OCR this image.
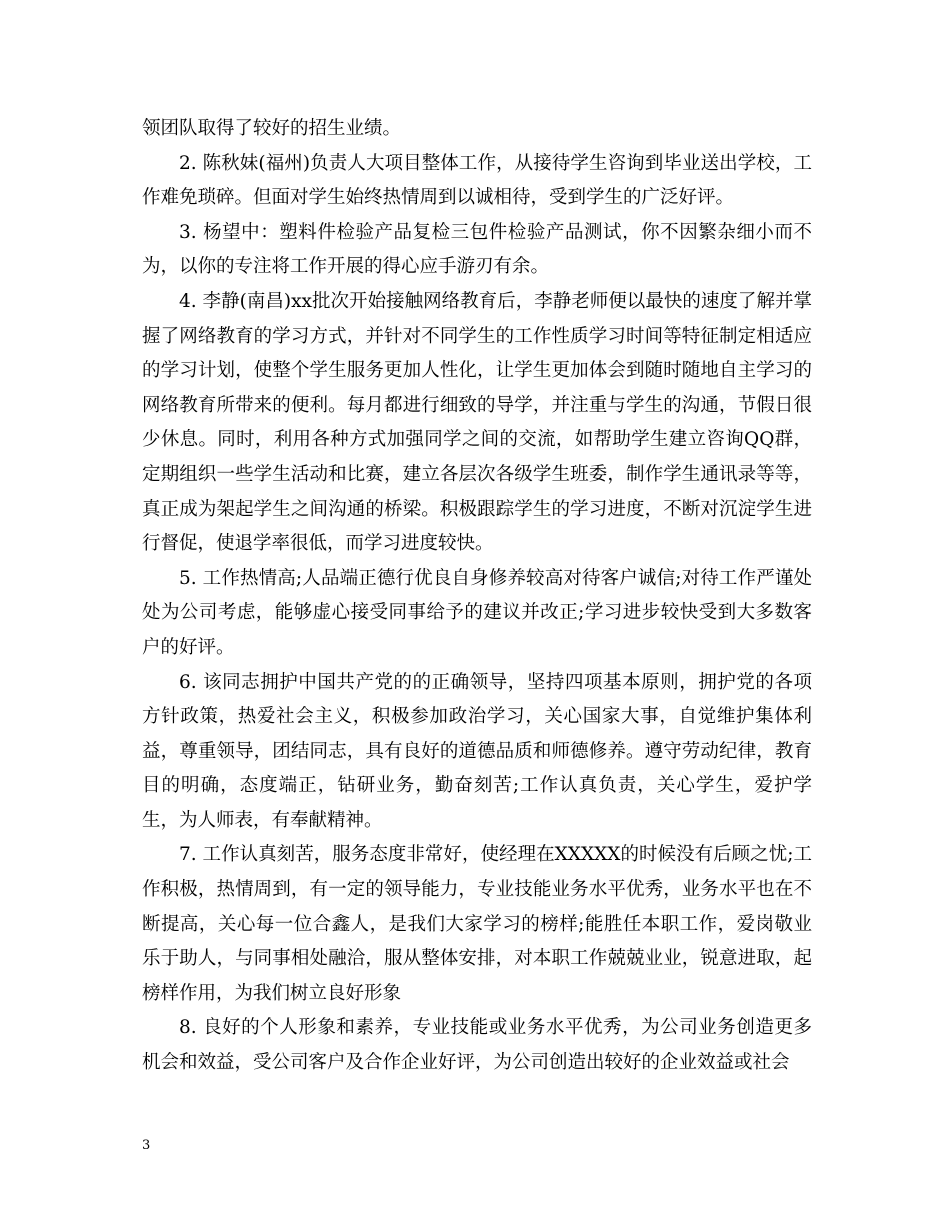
领团队取得了较好的招生业绩。

2. 陈秋妹(福州)负责人大项目整体工作，从接待学生咨询到毕业送出学校，工作难免琐碎。但面对学生始终热情周到以诚相待，受到学生的广泛好评。

3. 杨望中：塑料件检验产品复检三包件检验产品测试，你不因繁杂细小而不为，以你的专注将工作开展的得心应手游刃有余。

4. 李静(南昌)xx批次开始接触网络教育后，李静老师便以最快的速度了解并掌握了网络教育的学习方式，并针对不同学生的工作性质学习时间等特征制定相适应的学习计划，使整个学生服务更加人性化，让学生更加体会到随时随地自主学习的网络教育所带来的便利。每月都进行细致的导学，并注重与学生的沟通，节假日很少休息。同时，利用各种方式加强同学之间的交流，如帮助学生建立咨询QQ群，定期组织一些学生活动和比赛，建立各层次各级学生班委，制作学生通讯录等等，真正成为架起学生之间沟通的桥梁。积极跟踪学生的学习进度，不断对沉淀学生进行督促，使退学率很低，而学习进度较快。

5. 工作热情高;人品端正德行优良自身修养较高对待客户诚信;对待工作严谨处处为公司考虑，能够虚心接受同事给予的建议并改正;学习进步较快受到大多数客户的好评。

6. 该同志拥护中国共产党的的正确领导，坚持四项基本原则，拥护党的各项方针政策，热爱社会主义，积极参加政治学习，关心国家大事，自觉维护集体利益，尊重领导，团结同志，具有良好的道德品质和师德修养。遵守劳动纪律，教育目的明确，态度端正，钻研业务，勤奋刻苦;工作认真负责，关心学生，爱护学生，为人师表，有奉献精神。

7. 工作认真刻苦，服务态度非常好，使经理在XXXXX的时候没有后顾之忧;工作积极，热情周到，有一定的领导能力，专业技能业务水平优秀，业务水平也在不断提高，关心每一位合鑫人，是我们大家学习的榜样;能胜任本职工作，爱岗敬业乐于助人，与同事相处融洽，服从整体安排，对本职工作兢兢业业，锐意进取，起榜样作用，为我们树立良好形象

8. 良好的个人形象和素养，专业技能或业务水平优秀，为公司业务创造更多机会和效益，受公司客户及合作企业好评，为公司创造出较好的企业效益或社会

3
